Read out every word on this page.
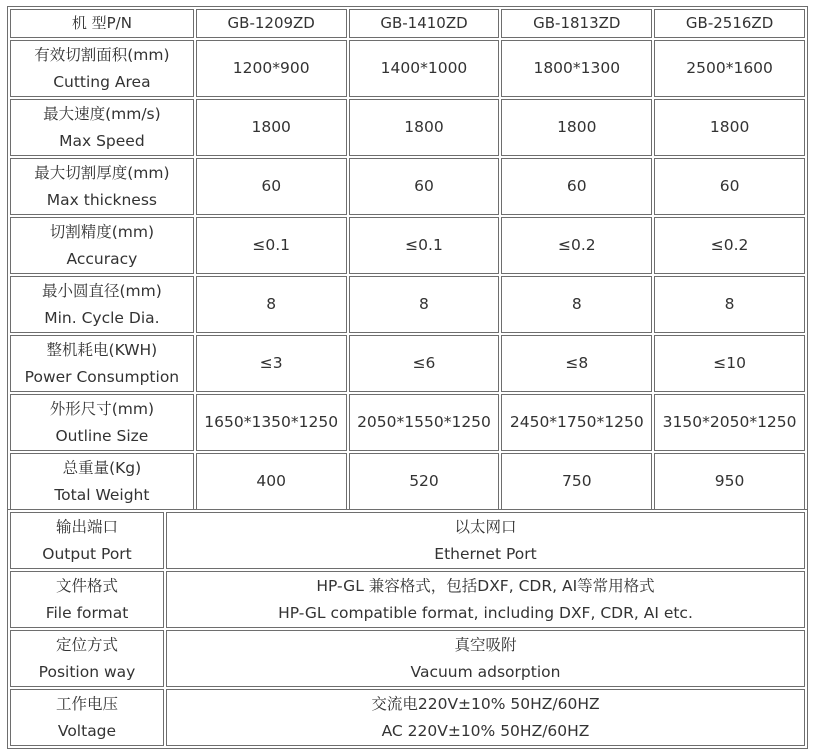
机 型P/N	GB-1209ZD	GB-1410ZD	GB-1813ZD	GB-2516ZD

有效切割面积(mm)
Cutting Area	1200*900	1400*1000	1800*1300	2500*1600

最大速度(mm/s)
Max Speed	1800	1800	1800	1800

最大切割厚度(mm)
Max thickness	60	60	60	60

切割精度(mm)
Accuracy	≤0.1	≤0.1	≤0.2	≤0.2

最小圆直径(mm)
Min. Cycle Dia.	8	8	8	8

整机耗电(KWH)
Power Consumption	≤3	≤6	≤8	≤10

外形尺寸(mm)
Outline Size	1650*1350*1250	2050*1550*1250	2450*1750*1250	3150*2050*1250

总重量(Kg)
Total Weight	400	520	750	950
输出端口
Output Port	以太网口
Ethernet Port

文件格式
File format	HP-GL 兼容格式，包括DXF, CDR, AI等常用格式
HP-GL compatible format, including DXF, CDR, AI etc.

定位方式
Position way	真空吸附
Vacuum adsorption

工作电压
Voltage	交流电220V±10% 50HZ/60HZ
AC 220V±10% 50HZ/60HZ
